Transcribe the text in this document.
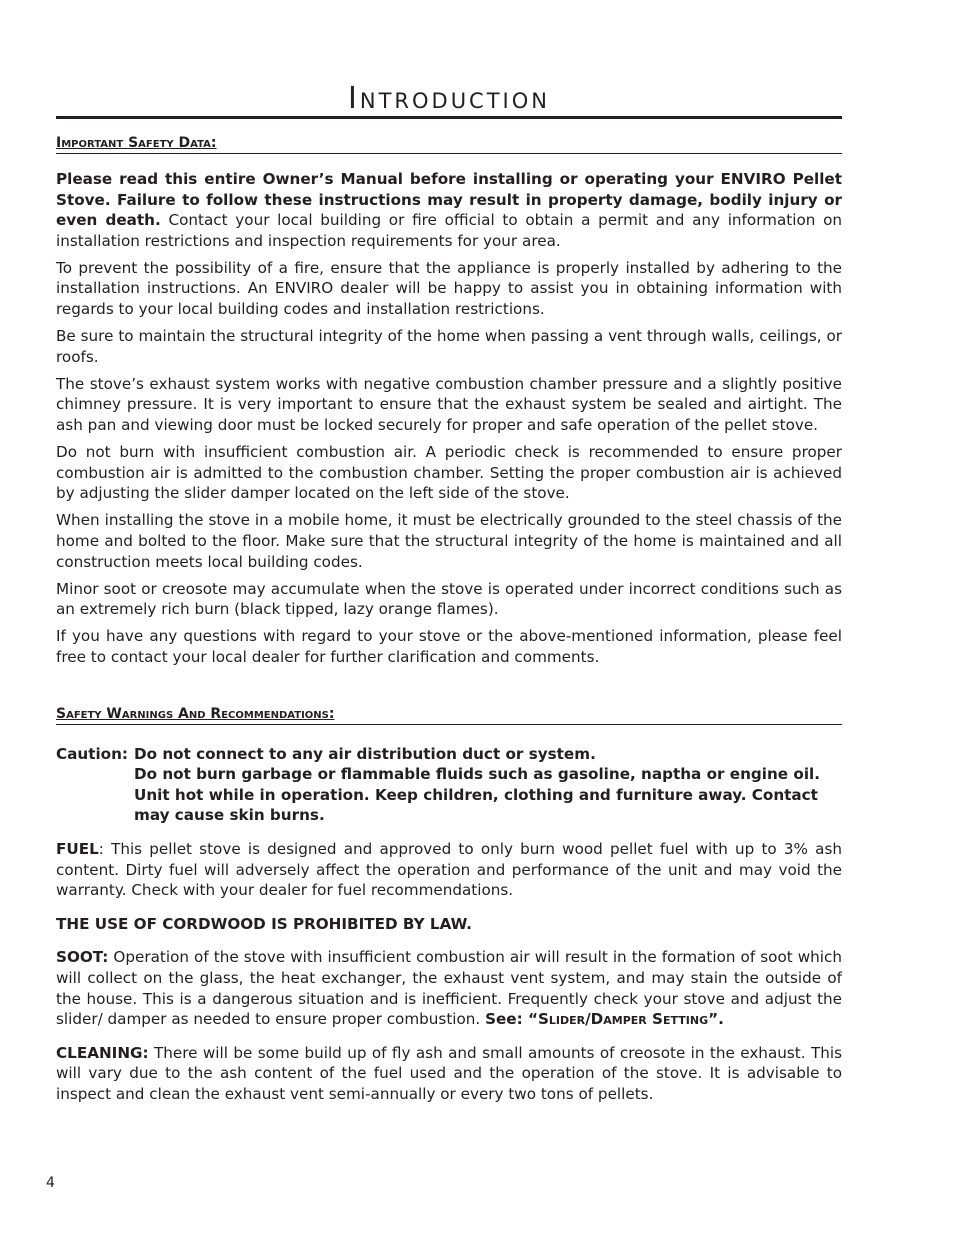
Introduction
Important Safety Data:

Please read this entire Owner’s Manual before installing or operating your ENVIRO Pellet Stove. Failure to follow these instructions may result in property damage, bodily injury or even death. Contact your local building or fire official to obtain a permit and any information on installation restrictions and inspection requirements for your area.

To prevent the possibility of a fire, ensure that the appliance is properly installed by adhering to the installation instructions. An ENVIRO dealer will be happy to assist you in obtaining information with regards to your local building codes and installation restrictions.

Be sure to maintain the structural integrity of the home when passing a vent through walls, ceilings, or roofs.

The stove’s exhaust system works with negative combustion chamber pressure and a slightly positive chimney pressure. It is very important to ensure that the exhaust system be sealed and airtight. The ash pan and viewing door must be locked securely for proper and safe operation of the pellet stove.

Do not burn with insufficient combustion air. A periodic check is recommended to ensure proper combustion air is admitted to the combustion chamber. Setting the proper combustion air is achieved by adjusting the slider damper located on the left side of the stove.

When installing the stove in a mobile home, it must be electrically grounded to the steel chassis of the home and bolted to the floor. Make sure that the structural integrity of the home is maintained and all construction meets local building codes.

Minor soot or creosote may accumulate when the stove is operated under incorrect conditions such as an extremely rich burn (black tipped, lazy orange flames).

If you have any questions with regard to your stove or the above-mentioned information, please feel free to contact your local dealer for further clarification and comments.

Safety Warnings And Recommendations:
Caution: Do not connect to any air distribution duct or system.
Do not burn garbage or flammable fluids such as gasoline, naptha or engine oil.
Unit hot while in operation. Keep children, clothing and furniture away. Contact may cause skin burns.

FUEL: This pellet stove is designed and approved to only burn wood pellet fuel with up to 3% ash content. Dirty fuel will adversely affect the operation and performance of the unit and may void the warranty. Check with your dealer for fuel recommendations.

THE USE OF CORDWOOD IS PROHIBITED BY LAW.

SOOT: Operation of the stove with insufficient combustion air will result in the formation of soot which will collect on the glass, the heat exchanger, the exhaust vent system, and may stain the outside of the house. This is a dangerous situation and is inefficient. Frequently check your stove and adjust the slider/ damper as needed to ensure proper combustion. See: “Slider/Damper Setting”.

CLEANING: There will be some build up of fly ash and small amounts of creosote in the exhaust. This will vary due to the ash content of the fuel used and the operation of the stove. It is advisable to inspect and clean the exhaust vent semi-annually or every two tons of pellets.

4
